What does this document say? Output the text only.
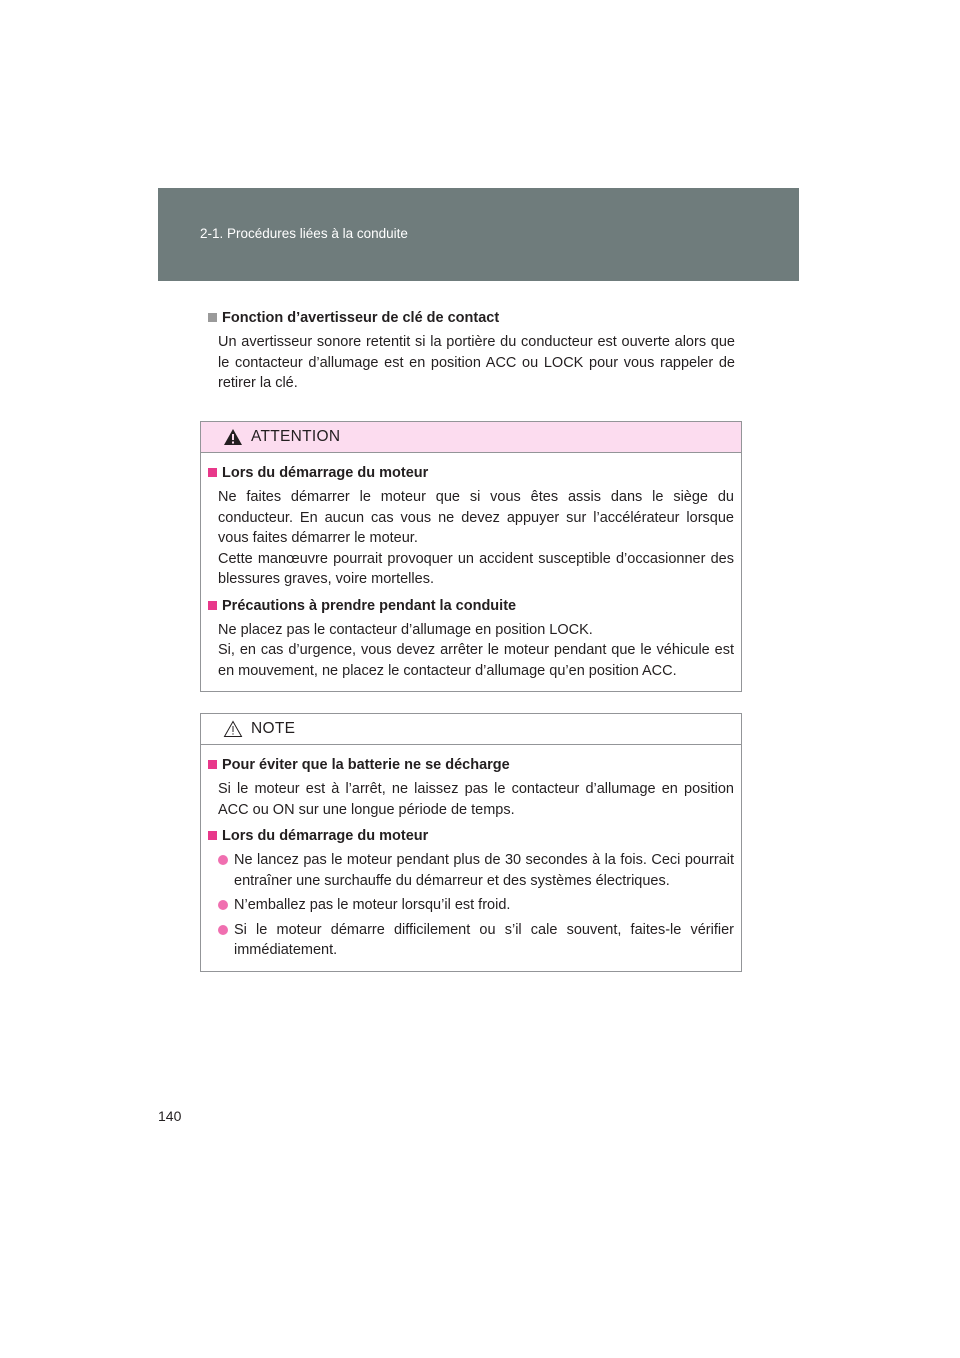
2-1. Procédures liées à la conduite
Fonction d’avertisseur de clé de contact
Un avertisseur sonore retentit si la portière du conducteur est ouverte alors que le contacteur d’allumage est en position ACC ou LOCK pour vous rappeler de retirer la clé.
ATTENTION
Lors du démarrage du moteur
Ne faites démarrer le moteur que si vous êtes assis dans le siège du conducteur. En aucun cas vous ne devez appuyer sur l’accélérateur lorsque vous faites démarrer le moteur.
Cette manœuvre pourrait provoquer un accident susceptible d’occasionner des blessures graves, voire mortelles.
Précautions à prendre pendant la conduite
Ne placez pas le contacteur d’allumage en position LOCK.
Si, en cas d’urgence, vous devez arrêter le moteur pendant que le véhicule est en mouvement, ne placez le contacteur d’allumage qu’en position ACC.
NOTE
Pour éviter que la batterie ne se décharge
Si le moteur est à l’arrêt, ne laissez pas le contacteur d’allumage en position ACC ou ON sur une longue période de temps.
Lors du démarrage du moteur
Ne lancez pas le moteur pendant plus de 30 secondes à la fois. Ceci pourrait entraîner une surchauffe du démarreur et des systèmes électriques.
N’emballez pas le moteur lorsqu’il est froid.
Si le moteur démarre difficilement ou s’il cale souvent, faites-le vérifier immédiatement.
140
